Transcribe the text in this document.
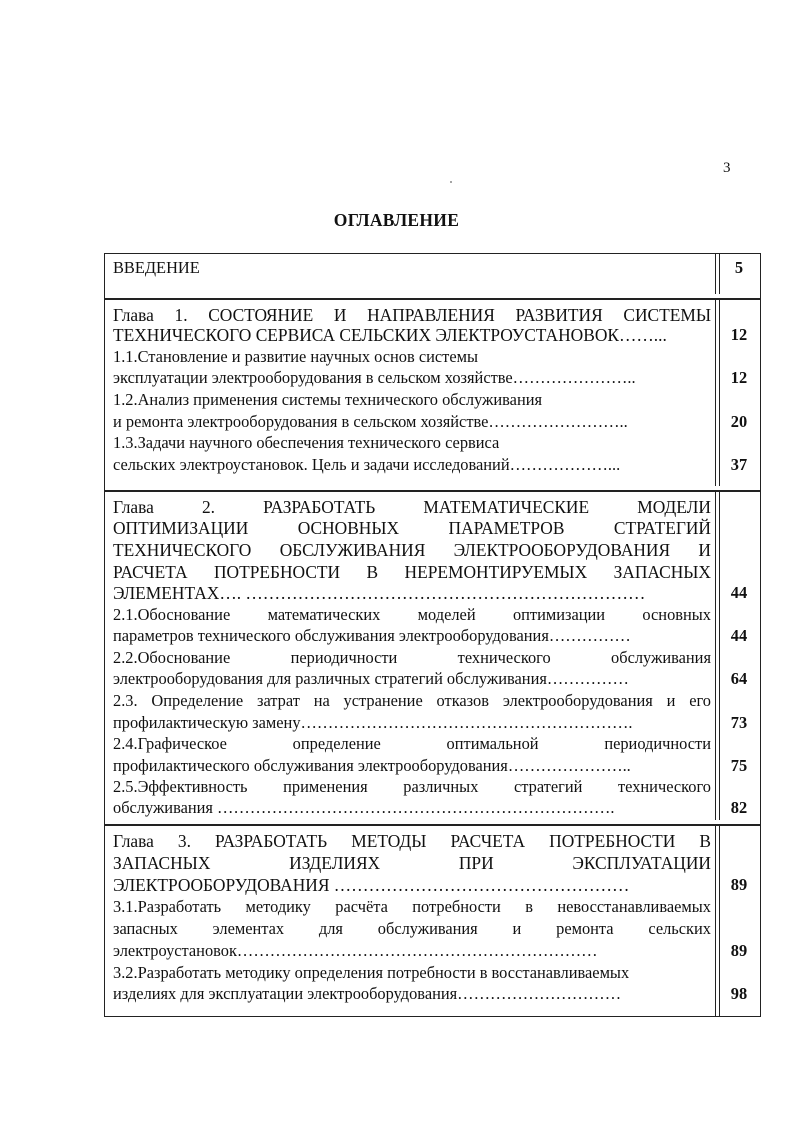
3
ОГЛАВЛЕНИЕ
ВВЕДЕНИЕ	5
Глава 1. СОСТОЯНИЕ И НАПРАВЛЕНИЯ РАЗВИТИЯ СИСТЕМЫ
ТЕХНИЧЕСКОГО СЕРВИСА СЕЛЬСКИХ ЭЛЕКТРОУСТАНОВОК……...	12
1.1.Становление и развитие научных основ системы
эксплуатации электрооборудования в сельском хозяйстве…………………..	12
1.2.Анализ применения системы технического обслуживания
и ремонта электрооборудования в сельском хозяйстве……………………..	20
1.3.Задачи научного обеспечения технического сервиса
сельских электроустановок. Цель и задачи исследований………………...	37
Глава 2. РАЗРАБОТАТЬ МАТЕМАТИЧЕСКИЕ МОДЕЛИ
ОПТИМИЗАЦИИ ОСНОВНЫХ ПАРАМЕТРОВ СТРАТЕГИЙ
ТЕХНИЧЕСКОГО ОБСЛУЖИВАНИЯ ЭЛЕКТРООБОРУДОВАНИЯ И
РАСЧЕТА ПОТРЕБНОСТИ В НЕРЕМОНТИРУЕМЫХ ЗАПАСНЫХ
ЭЛЕМЕНТАХ…. ……………………………………………………………	44
2.1.Обоснование математических моделей оптимизации основных
параметров технического обслуживания электрооборудования……………	44
2.2.Обоснование периодичности технического обслуживания
электрооборудования для различных стратегий обслуживания……………	64
2.3. Определение затрат на устранение отказов электрооборудования и его
профилактическую замену…………………………………………………….	73
2.4.Графическое определение оптимальной периодичности
профилактического обслуживания электрооборудования…………………..	75
2.5.Эффективность применения различных стратегий технического
обслуживания ……………………………………………………………….	82
Глава 3. РАЗРАБОТАТЬ МЕТОДЫ РАСЧЕТА ПОТРЕБНОСТИ В
ЗАПАСНЫХ ИЗДЕЛИЯХ ПРИ ЭКСПЛУАТАЦИИ
ЭЛЕКТРООБОРУДОВАНИЯ ……………………………………………	89
3.1.Разработать методику расчёта потребности в невосстанавливаемых
запасных элементах для обслуживания и ремонта сельских
электроустановок…………………………………………………………	89
3.2.Разработать методику определения потребности в восстанавливаемых
изделиях для эксплуатации электрооборудования…………………………	98
